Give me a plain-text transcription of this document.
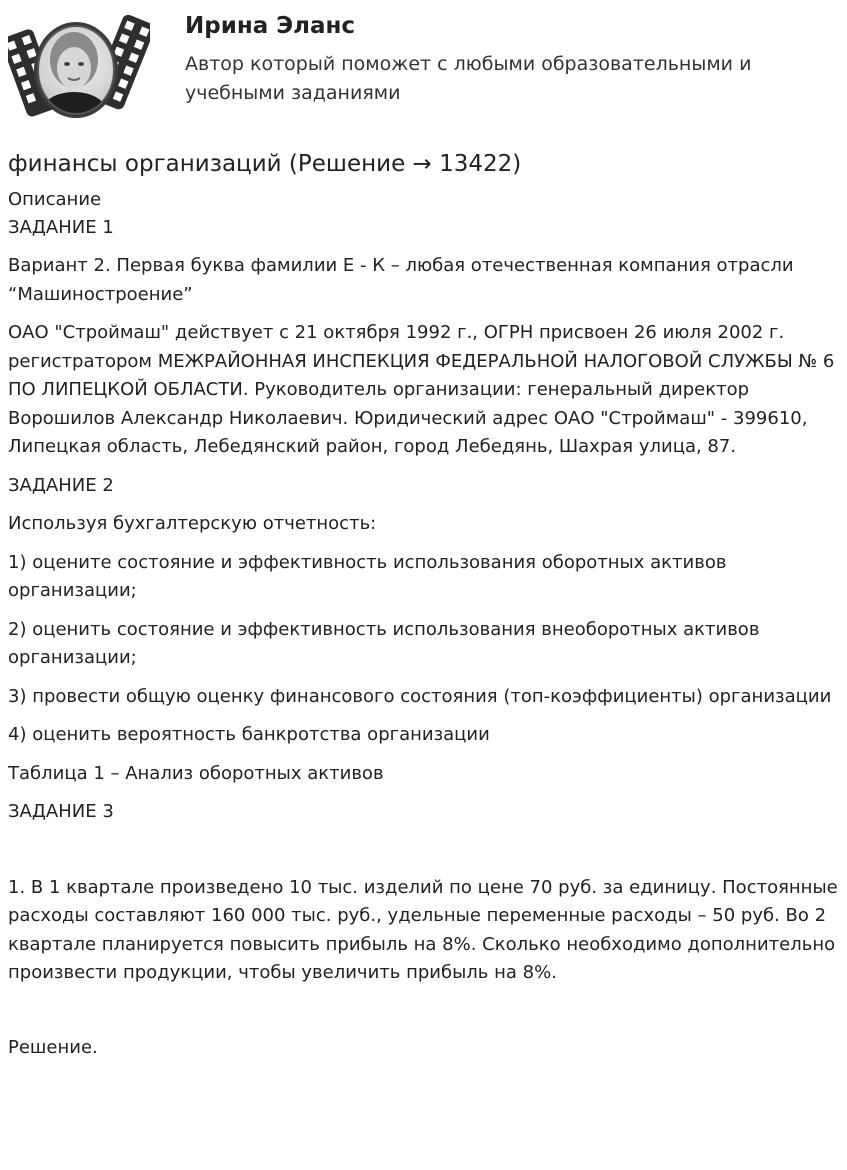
Ирина Эланс
Автор который поможет с любыми образовательными и учебными заданиями
финансы организаций (Решение → 13422)

Описание

ЗАДАНИЕ 1

Вариант 2. Первая буква фамилии Е - К – любая отечественная компания отрасли “Машиностроение”

ОАО "Строймаш" действует с 21 октября 1992 г., ОГРН присвоен 26 июля 2002 г. регистратором МЕЖРАЙОННАЯ ИНСПЕКЦИЯ ФЕДЕРАЛЬНОЙ НАЛОГОВОЙ СЛУЖБЫ № 6 ПО ЛИПЕЦКОЙ ОБЛАСТИ. Руководитель организации: генеральный директор Ворошилов Александр Николаевич. Юридический адрес ОАО "Строймаш" - 399610, Липецкая область, Лебедянский район, город Лебедянь, Шахрая улица, 87.

ЗАДАНИЕ 2

Используя бухгалтерскую отчетность:

1) оцените состояние и эффективность использования оборотных активов организации;

2) оценить состояние и эффективность использования внеоборотных активов организации;

3) провести общую оценку финансового состояния (топ-коэффициенты) организации

4) оценить вероятность банкротства организации

Таблица 1 – Анализ оборотных активов

ЗАДАНИЕ 3

1. В 1 квартале произведено 10 тыс. изделий по цене 70 руб. за единицу. Постоянные расходы составляют 160 000 тыс. руб., удельные переменные расходы – 50 руб. Во 2 квартале планируется повысить прибыль на 8%. Сколько необходимо дополнительно произвести продукции, чтобы увеличить прибыль на 8%.

Решение.
